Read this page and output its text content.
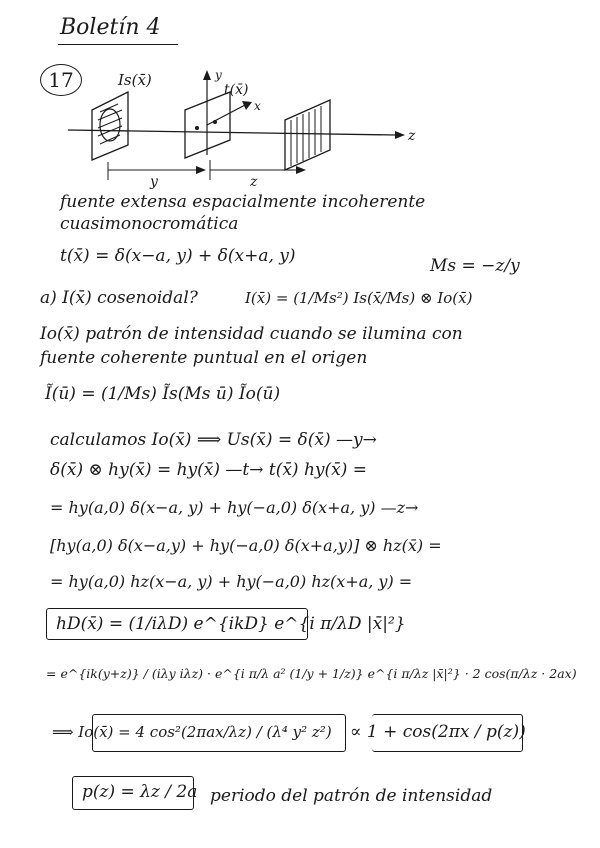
Boletín 4
17	Is(x̄)	y
t(x̄)
x
z
y	z
fuente extensa espacialmente incoherente
cuasimonocromática
t(x̄) = δ(x−a, y) + δ(x+a, y)	Ms = −z/y
a) I(x̄) cosenoidal?	I(x̄) = (1/Ms²) Is(x̄/Ms) ⊗ Io(x̄)
Io(x̄) patrón de intensidad cuando se ilumina con
fuente coherente puntual en el origen
Ĩ(ū) = (1/Ms) Ĩs(Ms ū) Ĩo(ū)
calculamos Io(x̄) ⟹ Us(x̄) = δ(x̄) —y→
δ(x̄) ⊗ hy(x̄) = hy(x̄) —t→ t(x̄) hy(x̄) =
= hy(a,0) δ(x−a, y) + hy(−a,0) δ(x+a, y) —z→
[hy(a,0) δ(x−a,y) + hy(−a,0) δ(x+a,y)] ⊗ hz(x̄) =
= hy(a,0) hz(x−a, y) + hy(−a,0) hz(x+a, y) =
hD(x̄) = (1/iλD) e^{ikD} e^{i π/λD |x̄|²}
= e^{ik(y+z)} / (iλy iλz) · e^{i π/λ a² (1/y + 1/z)} e^{i π/λz |x̄|²} · 2 cos(π/λz · 2ax)
⟹ Io(x̄) = 4 cos²(2πax/λz) / (λ⁴ y² z²) ∝ 1 + cos(2πx / p(z))
p(z) = λz / 2a periodo del patrón de intensidad
